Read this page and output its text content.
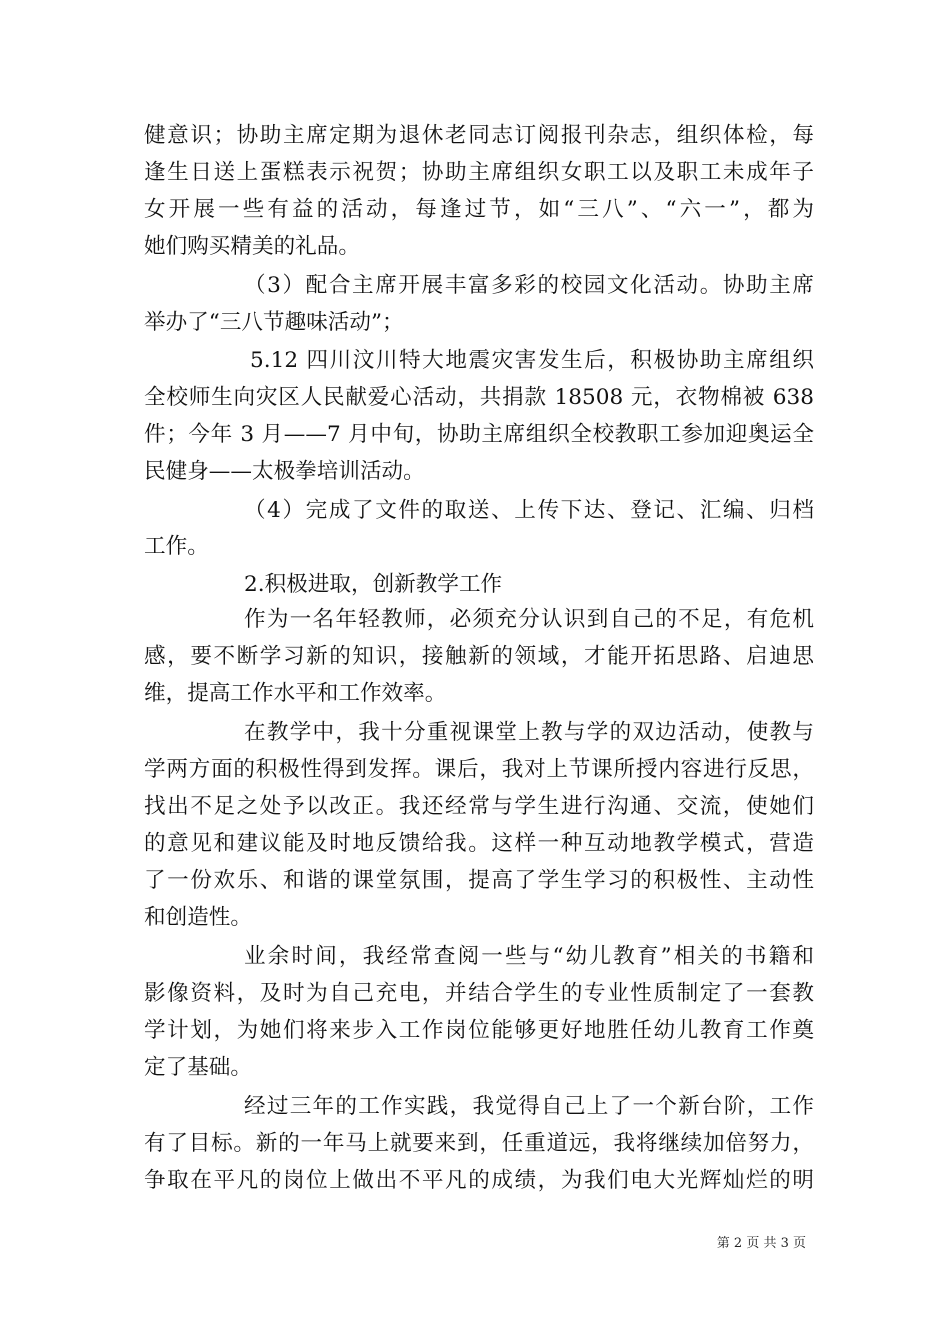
健意识；协助主席定期为退休老同志订阅报刊杂志，组织体检，每
逢生日送上蛋糕表示祝贺；协助主席组织女职工以及职工未成年子
女开展一些有益的活动，每逢过节，如“三八”、“六一”，都为
她们购买精美的礼品。
（3）配合主席开展丰富多彩的校园文化活动。协助主席
举办了“三八节趣味活动”；
5.12 四川汶川特大地震灾害发生后，积极协助主席组织
全校师生向灾区人民献爱心活动，共捐款 18508 元，衣物棉被 638
件；今年 3 月——7 月中旬，协助主席组织全校教职工参加迎奥运全
民健身——太极拳培训活动。
（4）完成了文件的取送、上传下达、登记、汇编、归档
工作。
2.积极进取，创新教学工作
作为一名年轻教师，必须充分认识到自己的不足，有危机
感，要不断学习新的知识，接触新的领域，才能开拓思路、启迪思
维，提高工作水平和工作效率。
在教学中，我十分重视课堂上教与学的双边活动，使教与
学两方面的积极性得到发挥。课后，我对上节课所授内容进行反思，
找出不足之处予以改正。我还经常与学生进行沟通、交流，使她们
的意见和建议能及时地反馈给我。这样一种互动地教学模式，营造
了一份欢乐、和谐的课堂氛围，提高了学生学习的积极性、主动性
和创造性。
业余时间，我经常查阅一些与“幼儿教育”相关的书籍和
影像资料，及时为自己充电，并结合学生的专业性质制定了一套教
学计划，为她们将来步入工作岗位能够更好地胜任幼儿教育工作奠
定了基础。
经过三年的工作实践，我觉得自己上了一个新台阶，工作
有了目标。新的一年马上就要来到，任重道远，我将继续加倍努力，
争取在平凡的岗位上做出不平凡的成绩，为我们电大光辉灿烂的明
第 2 页 共 3 页
